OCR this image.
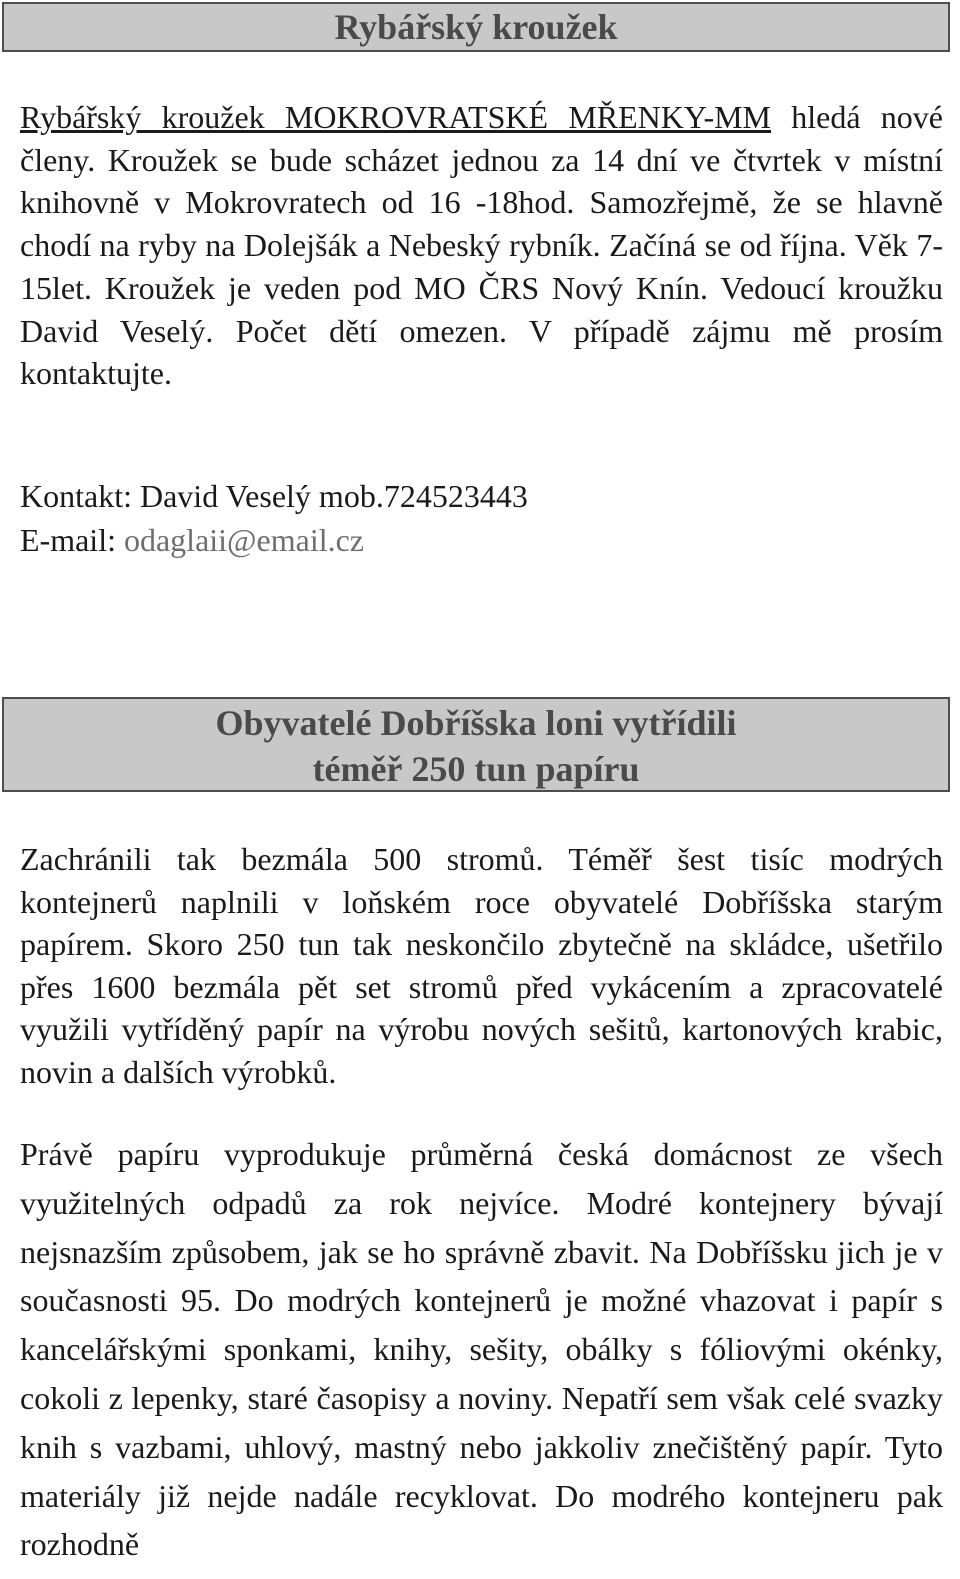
Rybářský kroužek

Rybářský kroužek MOKROVRATSKÉ MŘENKY-MM hledá nové členy. Kroužek se bude scházet jednou za 14 dní ve čtvrtek v místní knihovně v Mokrovratech od 16 -18hod. Samozřejmě, že se hlavně chodí na ryby na Dolejšák a Nebeský rybník. Začíná se od října. Věk 7-15let. Kroužek je veden pod MO ČRS Nový Knín. Vedoucí kroužku David Veselý. Počet dětí omezen. V případě zájmu mě prosím kontaktujte.

Kontakt: David Veselý mob.724523443
E-mail: odaglaii@email.cz
Obyvatelé Dobříšska loni vytřídili
téměř 250 tun papíru

Zachránili tak bezmála 500 stromů. Téměř šest tisíc modrých kontejnerů naplnili v loňském roce obyvatelé Dobříšska starým papírem. Skoro 250 tun tak neskončilo zbytečně na skládce, ušetřilo přes 1600 bezmála pět set stromů před vykácením a zpracovatelé využili vytříděný papír na výrobu nových sešitů, kartonových krabic, novin a dalších výrobků.

Právě papíru vyprodukuje průměrná česká domácnost ze všech využitelných odpadů za rok nejvíce. Modré kontejnery bývají nejsnazším způsobem, jak se ho správně zbavit. Na Dobříšsku jich je v současnosti 95. Do modrých kontejnerů je možné vhazovat i papír s kancelářskými sponkami, knihy, sešity, obálky s fóliovými okénky, cokoli z lepenky, staré časopisy a noviny. Nepatří sem však celé svazky knih s vazbami, uhlový, mastný nebo jakkoliv znečištěný papír. Tyto materiály již nejde nadále recyklovat. Do modrého kontejneru pak rozhodně
